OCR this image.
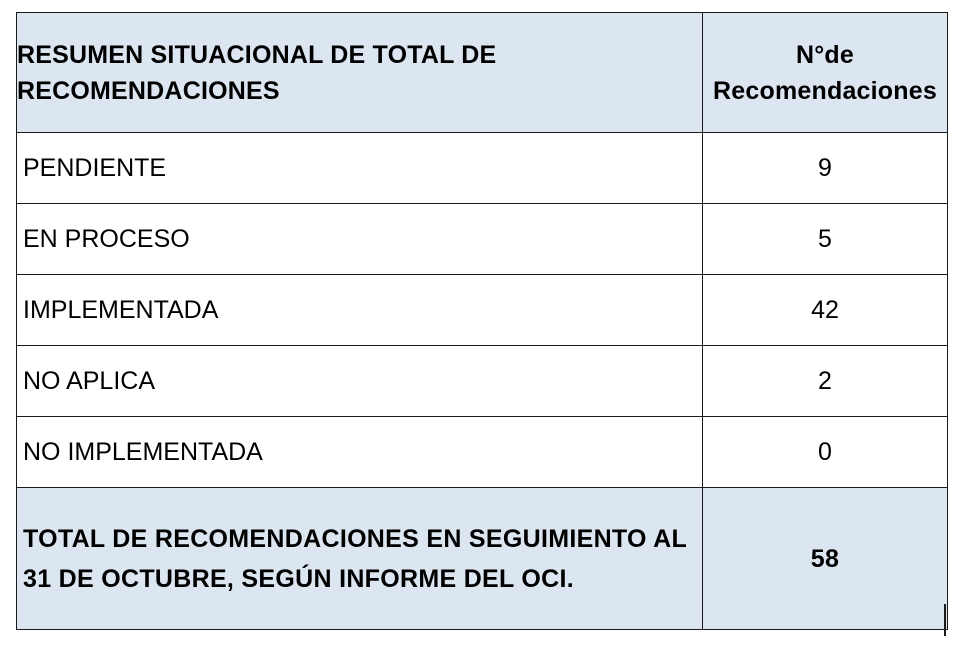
RESUMEN SITUACIONAL DE TOTAL DE RECOMENDACIONES	N°de
Recomendaciones

PENDIENTE	9
EN PROCESO	5
IMPLEMENTADA	42
NO APLICA	2
NO IMPLEMENTADA	0
TOTAL DE RECOMENDACIONES EN SEGUIMIENTO AL 31 DE OCTUBRE, SEGÚN INFORME DEL OCI.	58
